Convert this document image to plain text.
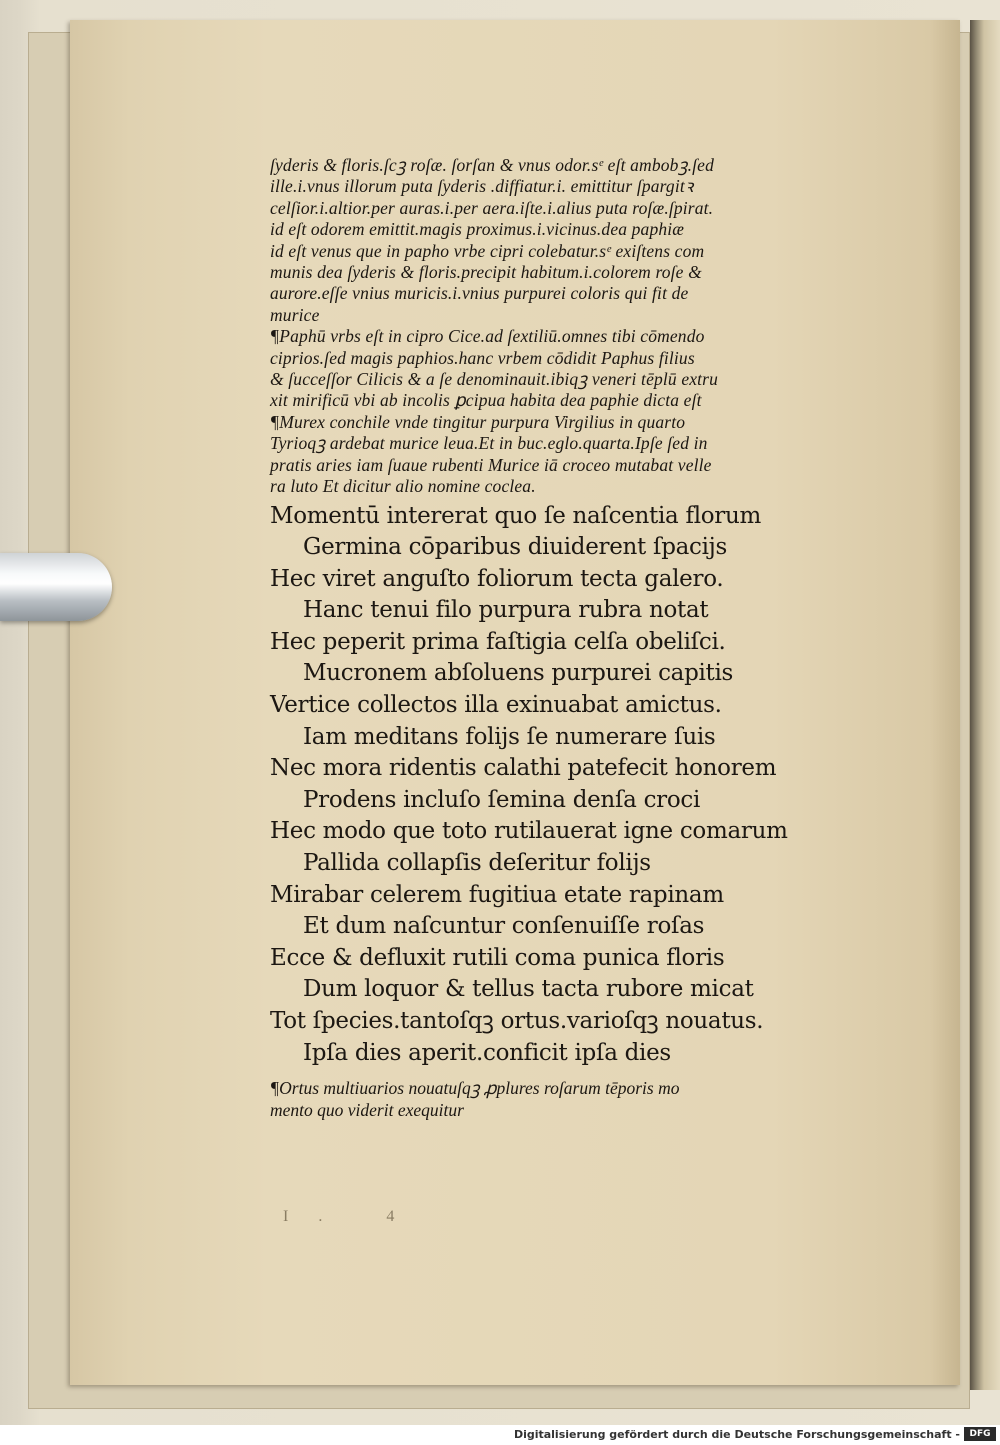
ſyderis & floris.ſcꝫ roſæ. ſorſan & vnus odor.sᵉ eſt ambobꝫ.ſed

ille.i.vnus illorum puta ſyderis .diffiatur.i. emittitur ſpargitꝛ

celſior.i.altior.per auras.i.per aera.iſte.i.alius puta roſæ.ſpirat.

id eſt odorem emittit.magis proximus.i.vicinus.dea paphiæ

id eſt venus que in papho vrbe cipri colebatur.sᵉ exiſtens com

munis dea ſyderis & floris.precipit habitum.i.colorem roſe &

aurore.eſſe vnius muricis.i.vnius purpurei coloris qui fit de

murice

¶Paphū vrbs eſt in cipro Cice.ad ſextiliū.omnes tibi cōmendo

ciprios.ſed magis paphios.hanc vrbem cōdidit Paphus filius

& ſucceſſor Cilicis & a ſe denominauit.ibiqꝫ veneri tēplū extru

xit mirificū vbi ab incolis ꝑcipua habita dea paphie dicta eſt

¶Murex conchile vnde tingitur purpura Virgilius in quarto

Tyrioqꝫ ardebat murice leua.Et in buc.eglo.quarta.Ipſe ſed in

pratis aries iam ſuaue rubenti Murice iā croceo mutabat velle

ra luto Et dicitur alio nomine coclea.

Momentū intererat quo ſe naſcentia florum

Germina cōparibus diuiderent ſpacijs

Hec viret anguſto foliorum tecta galero.

Hanc tenui filo purpura rubra notat

Hec peperit prima faſtigia celſa obeliſci.

Mucronem abſoluens purpurei capitis

Vertice collectos illa exinuabat amictus.

Iam meditans folijs ſe numerare ſuis

Nec mora ridentis calathi patefecit honorem

Prodens incluſo ſemina denſa croci

Hec modo que toto rutilauerat igne comarum

Pallida collapſis deſeritur folijs

Mirabar celerem fugitiua etate rapinam

Et dum naſcuntur conſenuiſſe roſas

Ecce & defluxit rutili coma punica floris

Dum loquor & tellus tacta rubore micat

Tot ſpecies.tantoſqꝫ ortus.varioſqꝫ nouatus.

Ipſa dies aperit.conficit ipſa dies

¶Ortus multiuarios nouatuſqꝫ ꝓplures roſarum tēporis mo

mento quo viderit exequitur

I. 4
Digitalisierung gefördert durch die Deutsche Forschungsgemeinschaft -	DFG
